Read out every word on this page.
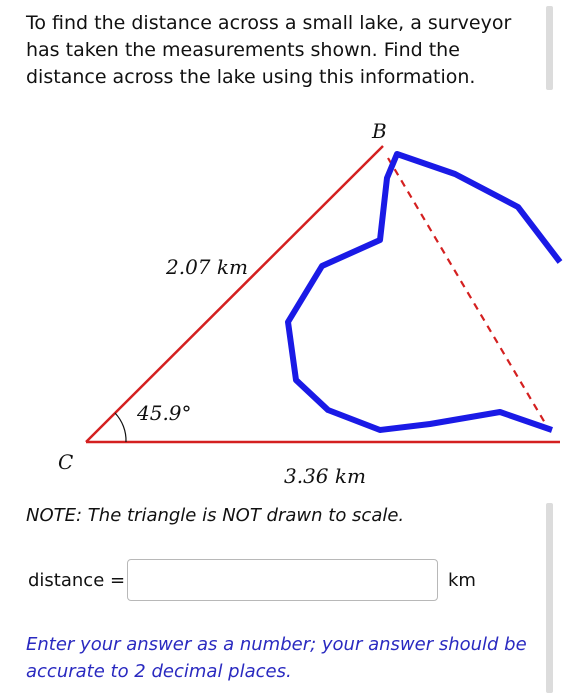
To find the distance across a small lake, a surveyor has taken the measurements shown. Find the distance across the lake using this information.

B
C
2.07 km
3.36 km
45.9°

NOTE: The triangle is NOT drawn to scale.

distance =	km

Enter your answer as a number; your answer should be accurate to 2 decimal places.
